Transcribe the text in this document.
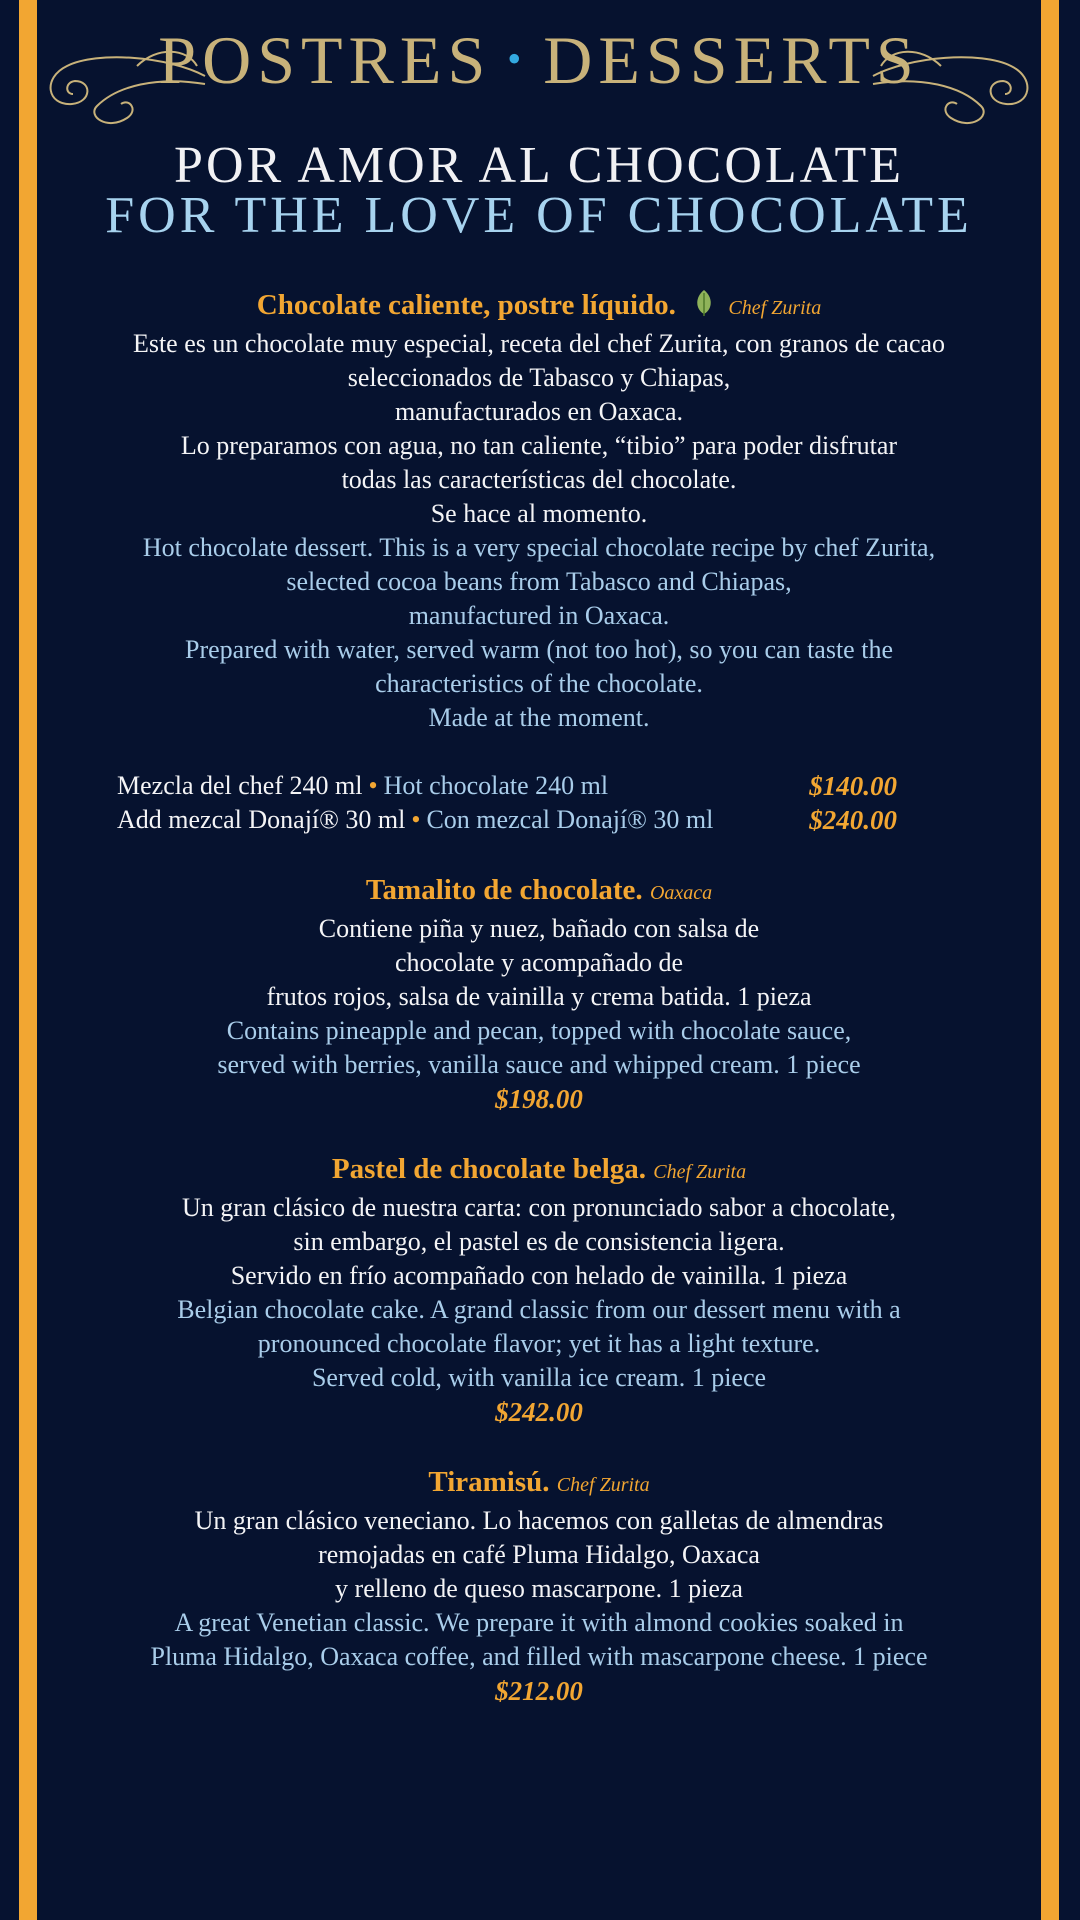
POSTRES • DESSERTS
POR AMOR AL CHOCOLATE
FOR THE LOVE OF CHOCOLATE
Chocolate caliente, postre líquido.	Chef Zurita
Este es un chocolate muy especial, receta del chef Zurita, con granos de cacao
seleccionados de Tabasco y Chiapas,
manufacturados en Oaxaca.
Lo preparamos con agua, no tan caliente, “tibio” para poder disfrutar
todas las características del chocolate.
Se hace al momento.
Hot chocolate dessert. This is a very special chocolate recipe by chef Zurita,
selected cocoa beans from Tabasco and Chiapas,
manufactured in Oaxaca.
Prepared with water, served warm (not too hot), so you can taste the
characteristics of the chocolate.
Made at the moment.
Mezcla del chef 240 ml • Hot chocolate 240 ml	$140.00
Add mezcal Donají® 30 ml • Con mezcal Donají® 30 ml	$240.00
Tamalito de chocolate. Oaxaca
Contiene piña y nuez, bañado con salsa de
chocolate y acompañado de
frutos rojos, salsa de vainilla y crema batida. 1 pieza
Contains pineapple and pecan, topped with chocolate sauce,
served with berries, vanilla sauce and whipped cream. 1 piece
$198.00
Pastel de chocolate belga. Chef Zurita
Un gran clásico de nuestra carta: con pronunciado sabor a chocolate,
sin embargo, el pastel es de consistencia ligera.
Servido en frío acompañado con helado de vainilla. 1 pieza
Belgian chocolate cake. A grand classic from our dessert menu with a
pronounced chocolate flavor; yet it has a light texture.
Served cold, with vanilla ice cream. 1 piece
$242.00
Tiramisú. Chef Zurita
Un gran clásico veneciano. Lo hacemos con galletas de almendras
remojadas en café Pluma Hidalgo, Oaxaca
y relleno de queso mascarpone. 1 pieza
A great Venetian classic. We prepare it with almond cookies soaked in
Pluma Hidalgo, Oaxaca coffee, and filled with mascarpone cheese. 1 piece
$212.00
